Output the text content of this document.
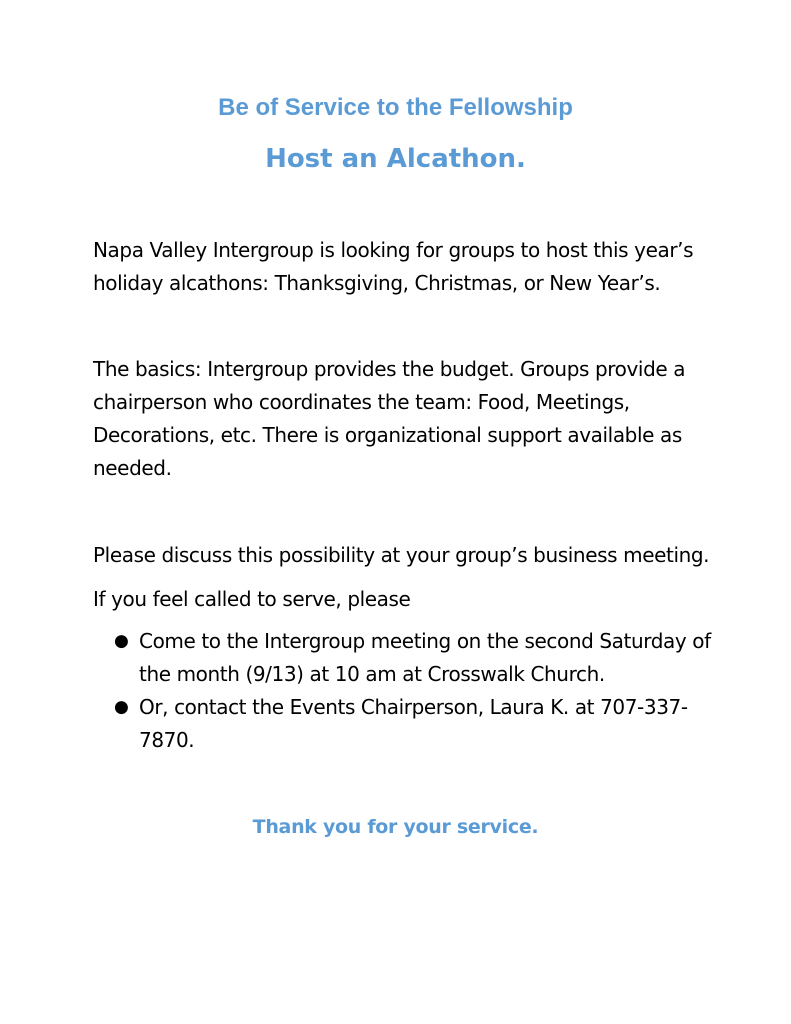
Be of Service to the Fellowship
Host an Alcathon.

Napa Valley Intergroup is looking for groups to host this year’s holiday alcathons: Thanksgiving, Christmas, or New Year’s.

The basics: Intergroup provides the budget. Groups provide a chairperson who coordinates the team: Food, Meetings, Decorations, etc. There is organizational support available as needed.

Please discuss this possibility at your group’s business meeting.

If you feel called to serve, please

● Come to the Intergroup meeting on the second Saturday of the month (9/13) at 10 am at Crosswalk Church.
● Or, contact the Events Chairperson, Laura K. at 707-337-7870.

Thank you for your service.
